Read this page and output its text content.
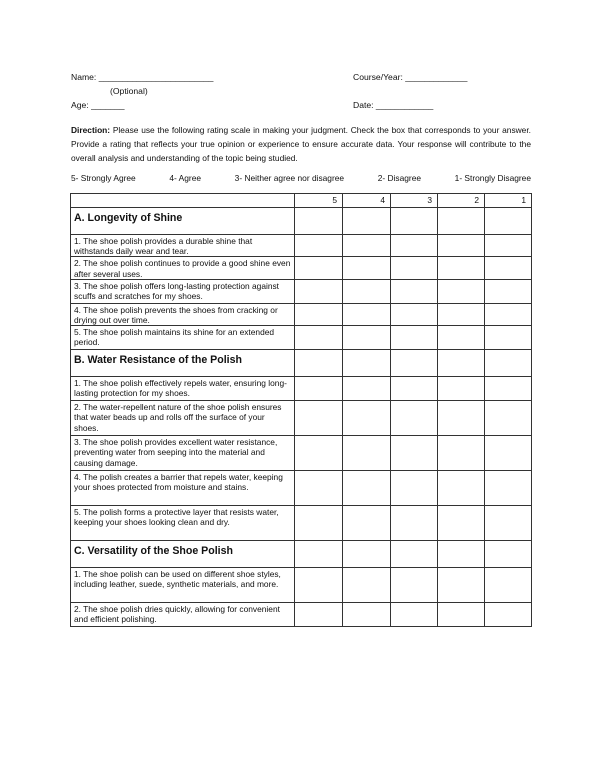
Name: ________________________
(Optional)
Age: _______
Course/Year: _____________
Date: ____________
Direction: Please use the following rating scale in making your judgment. Check the box that corresponds to your answer. Provide a rating that reflects your true opinion or experience to ensure accurate data. Your response will contribute to the overall analysis and understanding of the topic being studied.
5- Strongly Agree	4- Agree	3- Neither agree nor disagree	2- Disagree	1- Strongly Disagree
	5	4	3	2	1
A. Longevity of Shine					
1. The shoe polish provides a durable shine that withstands daily wear and tear.					
2. The shoe polish continues to provide a good shine even after several uses.					
3. The shoe polish offers long-lasting protection against scuffs and scratches for my shoes.					
4. The shoe polish prevents the shoes from cracking or drying out over time.					
5. The shoe polish maintains its shine for an extended period.					
B. Water Resistance of the Polish					
1. The shoe polish effectively repels water, ensuring long-lasting protection for my shoes.					
2. The water-repellent nature of the shoe polish ensures that water beads up and rolls off the surface of your shoes.					
3. The shoe polish provides excellent water resistance, preventing water from seeping into the material and causing damage.					
4. The polish creates a barrier that repels water, keeping your shoes protected from moisture and stains.					
5. The polish forms a protective layer that resists water, keeping your shoes looking clean and dry.					
C. Versatility of the Shoe Polish					
1. The shoe polish can be used on different shoe styles, including leather, suede, synthetic materials, and more.					
2. The shoe polish dries quickly, allowing for convenient and efficient polishing.					
